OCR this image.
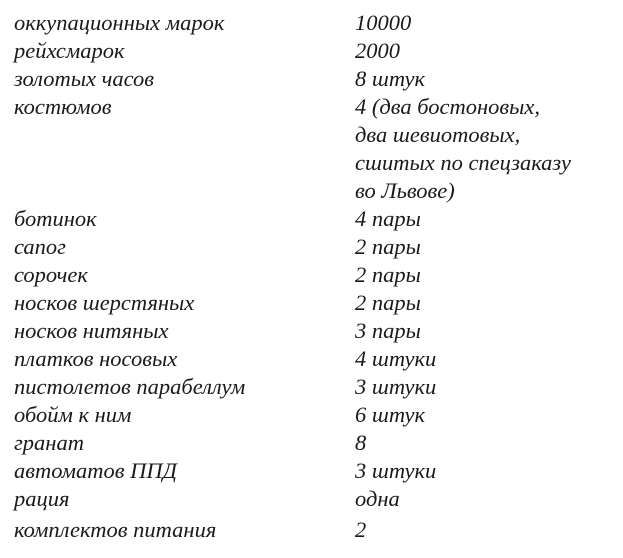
оккупационных марок	10000
рейхсмарок	2000
золотых часов	8 штук
костюмов	4 (два бостоновых,
два шевиотовых,
сшитых по спецзаказу
во Львове)
ботинок	4 пары
сапог	2 пары
сорочек	2 пары
носков шерстяных	2 пары
носков нитяных	3 пары
платков носовых	4 штуки
пистолетов парабеллум	3 штуки
обойм к ним	6 штук
гранат	8
автоматов ППД	3 штуки
рация	одна
комплектов питания	2
